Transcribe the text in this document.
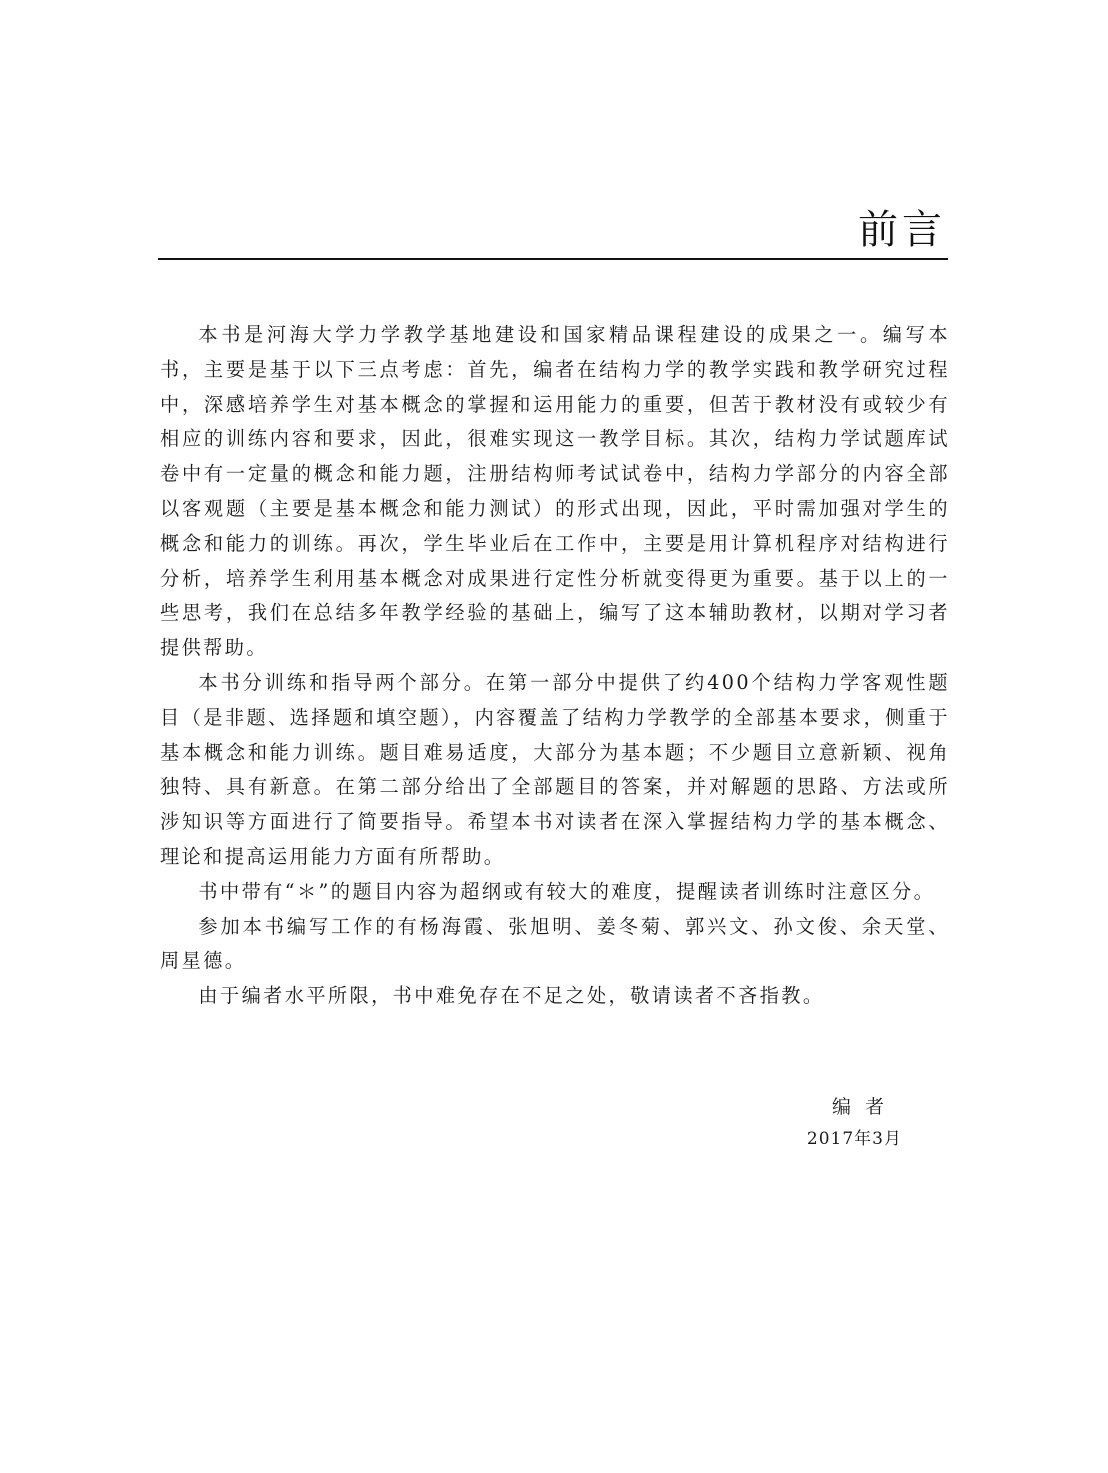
前言

本书是河海大学力学教学基地建设和国家精品课程建设的成果之一。编写本书，主要是基于以下三点考虑：首先，编者在结构力学的教学实践和教学研究过程中，深感培养学生对基本概念的掌握和运用能力的重要，但苦于教材没有或较少有相应的训练内容和要求，因此，很难实现这一教学目标。其次，结构力学试题库试卷中有一定量的概念和能力题，注册结构师考试试卷中，结构力学部分的内容全部以客观题（主要是基本概念和能力测试）的形式出现，因此，平时需加强对学生的概念和能力的训练。再次，学生毕业后在工作中，主要是用计算机程序对结构进行分析，培养学生利用基本概念对成果进行定性分析就变得更为重要。基于以上的一些思考，我们在总结多年教学经验的基础上，编写了这本辅助教材，以期对学习者提供帮助。

本书分训练和指导两个部分。在第一部分中提供了约400个结构力学客观性题目（是非题、选择题和填空题），内容覆盖了结构力学教学的全部基本要求，侧重于基本概念和能力训练。题目难易适度，大部分为基本题；不少题目立意新颖、视角独特、具有新意。在第二部分给出了全部题目的答案，并对解题的思路、方法或所涉知识等方面进行了简要指导。希望本书对读者在深入掌握结构力学的基本概念、理论和提高运用能力方面有所帮助。

书中带有“＊”的题目内容为超纲或有较大的难度，提醒读者训练时注意区分。

参加本书编写工作的有杨海霞、张旭明、姜冬菊、郭兴文、孙文俊、余天堂、周星德。

由于编者水平所限，书中难免存在不足之处，敬请读者不吝指教。

编者

2017年3月
